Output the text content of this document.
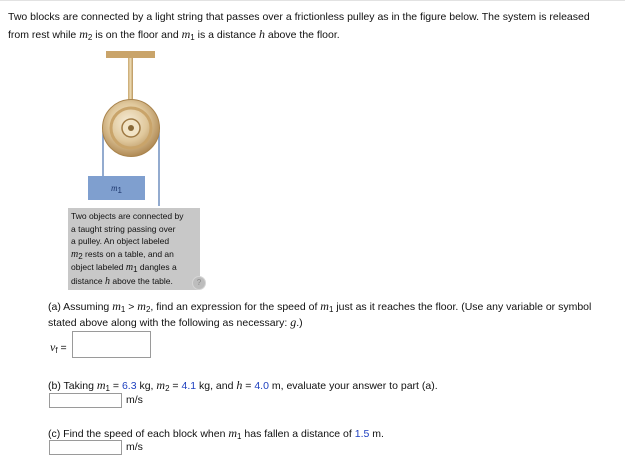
Two blocks are connected by a light string that passes over a frictionless pulley as in the figure below. The system is released from rest while $m_2$ is on the floor and $m_1$ is a distance h above the floor.
$m_1$
Two objects are connected by
a taught string passing over
a pulley. An object labeled
$m_2$ rests on a table, and an
object labeled $m_1$ dangles a
distance h above the table.	?
(a) Assuming $m_1 > m_2$, find an expression for the speed of $m_1$ just as it reaches the floor. (Use any variable or symbol stated above along with the following as necessary: g.)
$v_f$ =
(b) Taking $m_1 = 6.3$ kg, $m_2 = 4.1$ kg, and h = 4.0 m, evaluate your answer to part (a).
m/s
(c) Find the speed of each block when $m_1$ has fallen a distance of 1.5 m.
m/s
